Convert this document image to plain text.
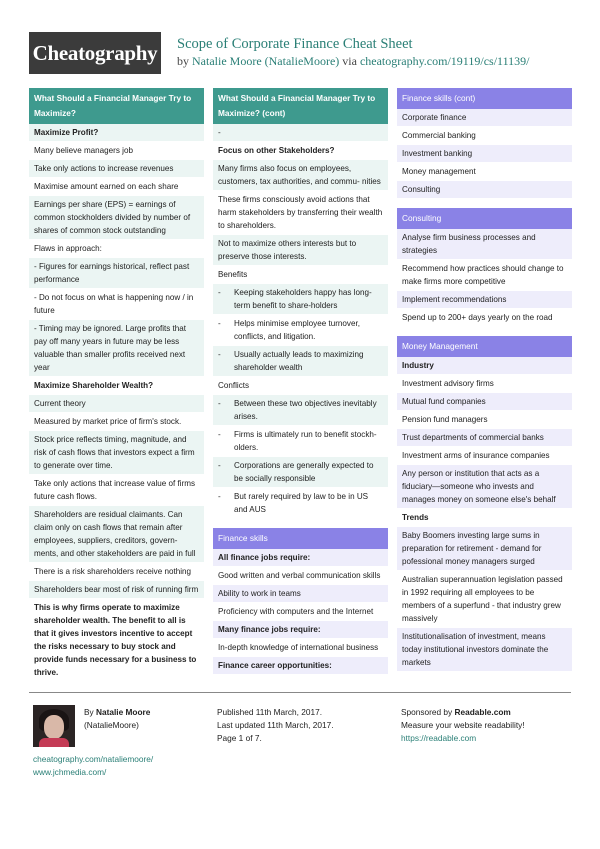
Cheatography Scope of Corporate Finance Cheat Sheet
by Natalie Moore (NatalieMoore) via cheatography.com/19119/cs/11139/
What Should a Financial Manager Try to Maximize?
Maximize Profit?
Many believe managers job
Take only actions to increase revenues
Maximise amount earned on each share
Earnings per share (EPS) = earnings of common stockholders divided by number of shares of common stock outstanding
Flaws in approach:
- Figures for earnings historical, reflect past performance
- Do not focus on what is happening now / in future
- Timing may be ignored. Large profits that pay off many years in future may be less valuable than smaller profits received next year
Maximize Shareholder Wealth?
Current theory
Measured by market price of firm's stock.
Stock price reflects timing, magnitude, and risk of cash flows that investors expect a firm to generate over time.
Take only actions that increase value of firms future cash flows.
Shareholders are residual claimants. Can claim only on cash flows that remain after employees, suppliers, creditors, govern- ments, and other stakeholders are paid in full
There is a risk shareholders receive nothing
Shareholders bear most of risk of running firm
This is why firms operate to maximize shareholder wealth. The benefit to all is that it gives investors incentive to accept the risks necessary to buy stock and provide funds necessary for a business to thrive.
What Should a Financial Manager Try to Maximize? (cont)
-
Focus on other Stakeholders?
Many firms also focus on employees, customers, tax authorities, and commu- nities
These firms consciously avoid actions that harm stakeholders by transferring their wealth to shareholders.
Not to maximize others interests but to preserve those interests.
Benefits
-	Keeping stakeholders happy has long- term benefit to share-holders
-	Helps minimise employee turnover, conflicts, and litigation.
-	Usually actually leads to maximizing shareholder wealth
Conflicts
-	Between these two objectives inevitably arises.
-	Firms is ultimately run to benefit stockh- olders.
-	Corporations are generally expected to be socially responsible
-	But rarely required by law to be in US and AUS
Finance skills
All finance jobs require:
Good written and verbal communication skills
Ability to work in teams
Proficiency with computers and the Internet
Many finance jobs require:
In-depth knowledge of international business
Finance career opportunities:
Finance skills (cont)
Corporate finance
Commercial banking
Investment banking
Money management
Consulting
Consulting
Analyse firm business processes and strategies
Recommend how practices should change to make firms more competitive
Implement recommendations
Spend up to 200+ days yearly on the road
Money Management
Industry
Investment advisory firms
Mutual fund companies
Pension fund managers
Trust departments of commercial banks
Investment arms of insurance companies
Any person or institution that acts as a fiduciary—someone who invests and manages money on someone else's behalf
Trends
Baby Boomers investing large sums in preparation for retirement - demand for pofessional money managers surged
Australian superannuation legislation passed in 1992 requiring all employees to be members of a superfund - that industry grew massively
Institutionalisation of investment, means today institutional investors dominate the markets
By Natalie Moore
(NatalieMoore)
cheatography.com/nataliemoore/
www.jchmedia.com/
Published 11th March, 2017.
Last updated 11th March, 2017.
Page 1 of 7.
Sponsored by Readable.com
Measure your website readability!
https://readable.com
